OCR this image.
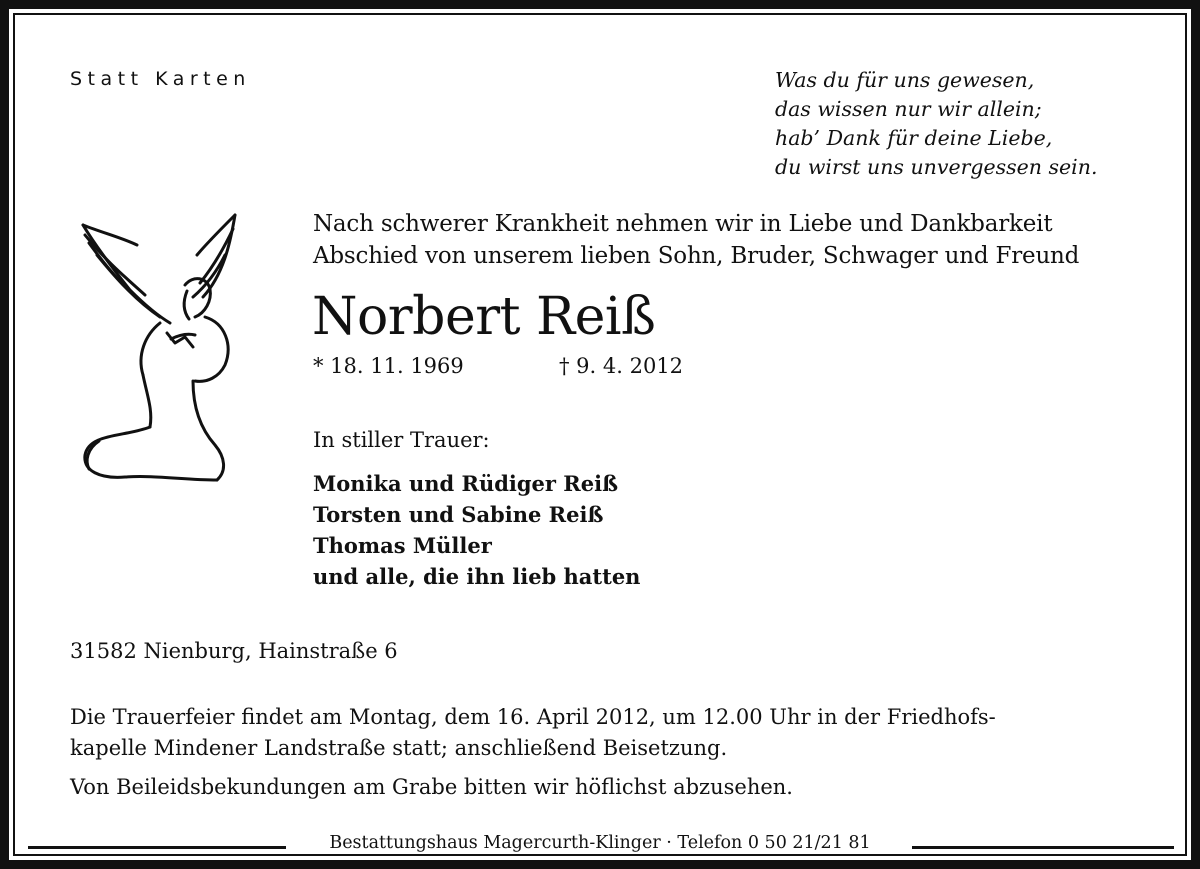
Statt Karten	Was du für uns gewesen,
das wissen nur wir allein;
hab’ Dank für deine Liebe,
du wirst uns unvergessen sein.
Nach schwerer Krankheit nehmen wir in Liebe und Dankbarkeit
Abschied von unserem lieben Sohn, Bruder, Schwager und Freund
Norbert Reiß
* 18. 11. 1969	† 9. 4. 2012
In stiller Trauer:
Monika und Rüdiger Reiß
Torsten und Sabine Reiß
Thomas Müller
und alle, die ihn lieb hatten
31582 Nienburg, Hainstraße 6
Die Trauerfeier findet am Montag, dem 16. April 2012, um 12.00 Uhr in der Friedhofs-
kapelle Mindener Landstraße statt; anschließend Beisetzung.
Von Beileidsbekundungen am Grabe bitten wir höflichst abzusehen.
Bestattungshaus Magercurth-Klinger · Telefon 0 50 21/21 81
